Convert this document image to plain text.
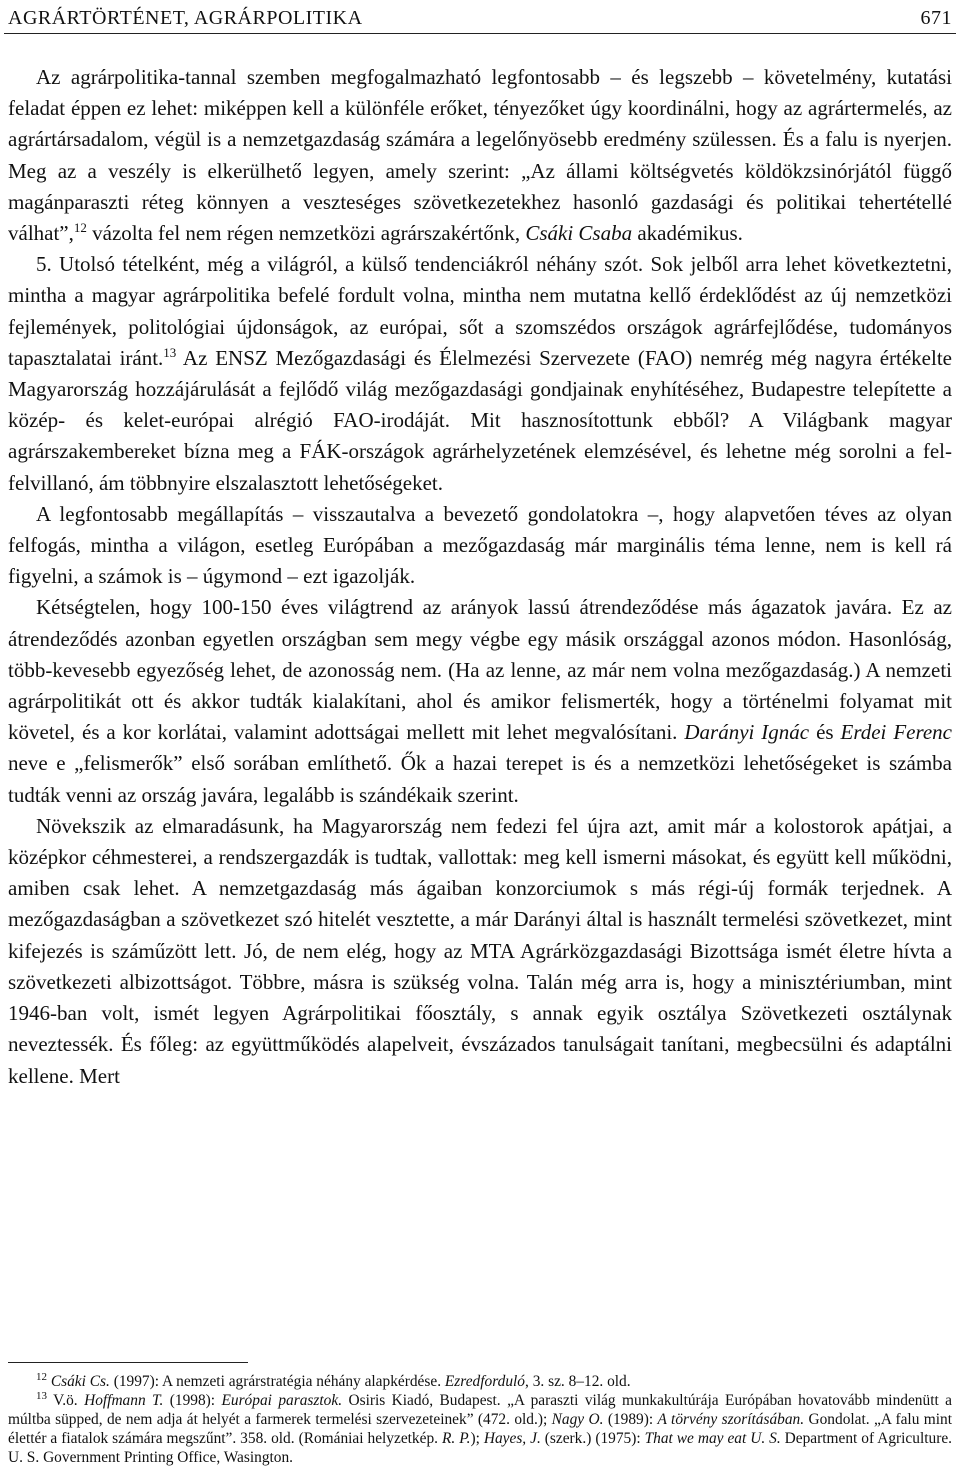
AGRÁRTÖRTÉNET, AGRÁRPOLITIKA	671

Az agrárpolitika-tannal szemben megfogalmazható legfontosabb – és legszebb – követelmény, kutatási feladat éppen ez lehet: miképpen kell a különféle erőket, tényezőket úgy koordinálni, hogy az agrártermelés, az agrártársadalom, végül is a nemzetgazdaság számára a legelőnyösebb eredmény szülessen. És a falu is nyerjen. Meg az a veszély is elkerülhető legyen, amely szerint: „Az állami költségvetés köldökzsinórjától függő magánparaszti réteg könnyen a veszteséges szövetkezetekhez hasonló gazdasági és politikai tehertétellé válhat”,$^{12}$ vázolta fel nem régen nemzetközi agrárszakértőnk, Csáki Csaba akadémikus.

5. Utolsó tételként, még a világról, a külső tendenciákról néhány szót. Sok jelből arra lehet következtetni, mintha a magyar agrárpolitika befelé fordult volna, mintha nem mutatna kellő érdeklődést az új nemzetközi fejlemények, politológiai újdonságok, az európai, sőt a szomszédos országok agrárfejlődése, tudományos tapasztalatai iránt.$^{13}$ Az ENSZ Mezőgazdasági és Élelmezési Szervezete (FAO) nemrég még nagyra értékelte Magyarország hozzájárulását a fejlődő világ mezőgazdasági gondjainak enyhítéséhez, Budapestre telepítette a közép- és kelet-európai alrégió FAO-irodáját. Mit hasznosítottunk ebből? A Világbank magyar agrárszakembereket bízna meg a FÁK-országok agrárhelyzetének elemzésével, és lehetne még sorolni a fel-felvillanó, ám többnyire elszalasztott lehetőségeket.

A legfontosabb megállapítás – visszautalva a bevezető gondolatokra –, hogy alapvetően téves az olyan felfogás, mintha a világon, esetleg Európában a mezőgazdaság már marginális téma lenne, nem is kell rá figyelni, a számok is – úgymond – ezt igazolják.

Kétségtelen, hogy 100-150 éves világtrend az arányok lassú átrendeződése más ágazatok javára. Ez az átrendeződés azonban egyetlen országban sem megy végbe egy másik országgal azonos módon. Hasonlóság, több-kevesebb egyezőség lehet, de azonosság nem. (Ha az lenne, az már nem volna mezőgazdaság.) A nemzeti agrárpolitikát ott és akkor tudták kialakítani, ahol és amikor felismerték, hogy a történelmi folyamat mit követel, és a kor korlátai, valamint adottságai mellett mit lehet megvalósítani. Darányi Ignác és Erdei Ferenc neve e „felismerők” első sorában említhető. Ők a hazai terepet is és a nemzetközi lehetőségeket is számba tudták venni az ország javára, legalább is szándékaik szerint.

Növekszik az elmaradásunk, ha Magyarország nem fedezi fel újra azt, amit már a kolostorok apátjai, a középkor céhmesterei, a rendszergazdák is tudtak, vallottak: meg kell ismerni másokat, és együtt kell működni, amiben csak lehet. A nemzetgazdaság más ágaiban konzorciumok s más régi-új formák terjednek. A mezőgazdaságban a szövetkezet szó hitelét vesztette, a már Darányi által is használt termelési szövetkezet, mint kifejezés is száműzött lett. Jó, de nem elég, hogy az MTA Agrárközgazdasági Bizottsága ismét életre hívta a szövetkezeti albizottságot. Többre, másra is szükség volna. Talán még arra is, hogy a minisztériumban, mint 1946-ban volt, ismét legyen Agrárpolitikai főosztály, s annak egyik osztálya Szövetkezeti osztálynak neveztessék. És főleg: az együttműködés alapelveit, évszázados tanulságait tanítani, megbecsülni és adaptálni kellene. Mert

$^{12}$ Csáki Cs. (1997): A nemzeti agrárstratégia néhány alapkérdése. Ezredforduló, 3. sz. 8–12. old.

$^{13}$ V.ö. Hoffmann T. (1998): Európai parasztok. Osiris Kiadó, Budapest. „A paraszti világ munkakultúrája Európában hovatovább mindenütt a múltba süpped, de nem adja át helyét a farmerek termelési szervezeteinek” (472. old.); Nagy O. (1989): A törvény szorításában. Gondolat. „A falu mint élettér a fiatalok számára megszűnt”. 358. old. (Romániai helyzetkép. R. P.); Hayes, J. (szerk.) (1975): That we may eat U. S. Department of Agriculture. U. S. Government Printing Office, Wasington.
